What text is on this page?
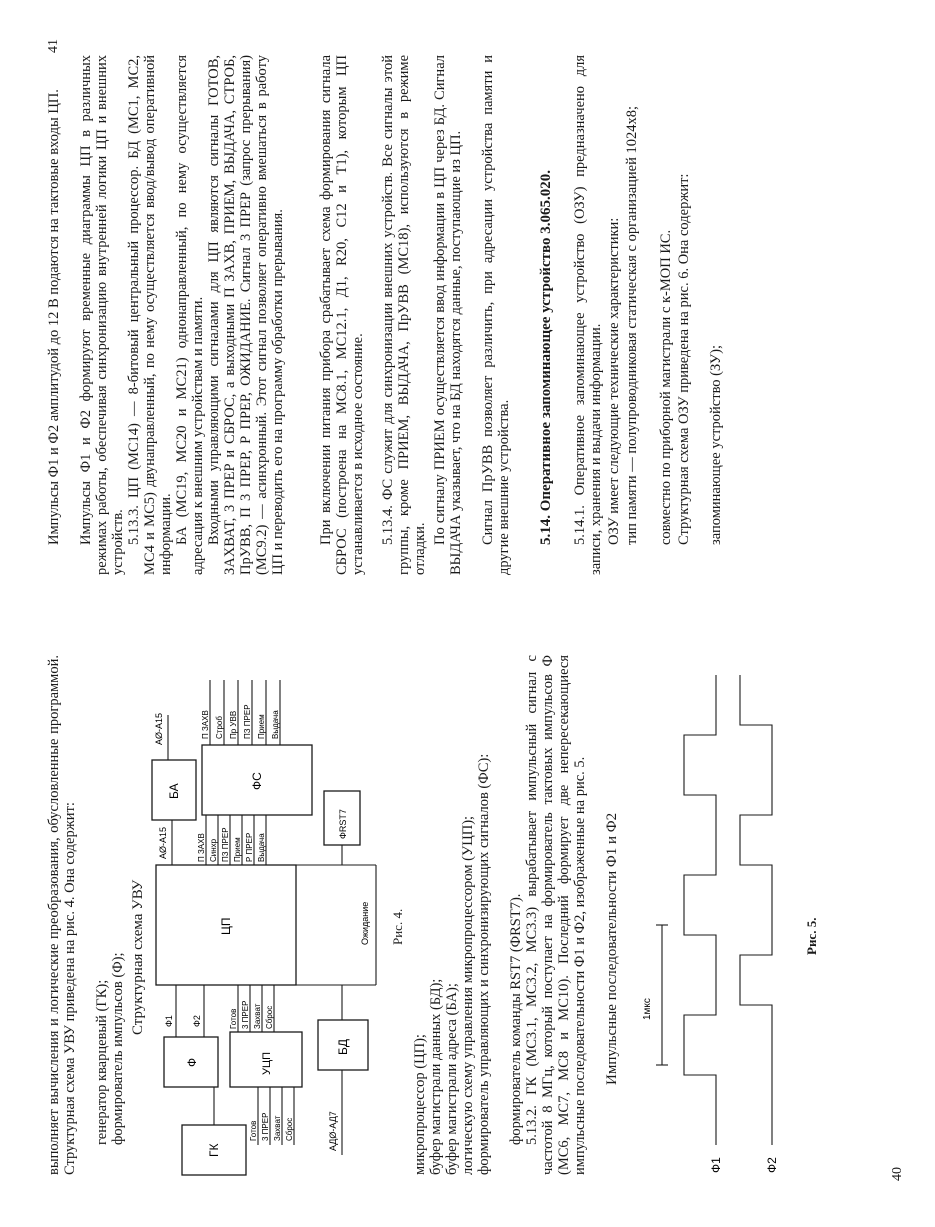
выполняет вычисления и логические преобразования, обусловленные программой. Структурная схема УВУ приведена на рис. 4. Она содержит: генератор кварцевый (ГК); формирователь импульсов (Ф); Структурная схема УВУ
ГК
Ф
Ф1 Ф2
ЦП
АØ-А15
БА
АØ-А15
П ЗАХВ Синхр ПЗ ПРЕР Прием Р ПРЕР Выдача
ФС
П ЗАХВ Строб Пр УВВ ПЗ ПРЕР Прием Выдача
ФRST7
УЦП
Готов 3 ПРЕР Захват Сброс
Готов 3 ПРЕР Захват Сброс
БД
АДØ-АД7
Ожидание Рис. 4.

микропроцессор (ЦП); буфер магистрали данных (БД); буфер магистрали адреса (БА); логическую схему управления микропроцессором (УЦП); формирователь управляющих и синхронизирующих сигналов (ФС): формирователь команды RST7 (ФRST7). 5.13.2. ГК (МС3.1, МС3.2, МС3.3) вырабатывает импульсный сигнал с частотой 8 МГц, который поступает на формирователь тактовых импульсов Ф (МС6, МС7, МС8 и МС10). Последний формирует две непересекающиеся импульсные последовательности Ф1 и Ф2, изображенные на рис. 5. Импульсные последовательности Ф1 и Ф2 1мкс
Ф1	Ф2
Рис. 5.
40

Импульсы Ф1 и Ф2 амплитудой до 12 В подаются на тактовые входы ЦП. Импульсы Ф1 и Ф2 формируют временные диаграммы ЦП в различных режимах работы, обеспечивая синхронизацию внутренней логики ЦП и внешних устройств. 5.13.3. ЦП (МС14) — 8-битовый центральный процессор. БД (МС1, МС2, МС4 и МС5) двунаправленный, по нему осуществляется ввод/вывод оперативной информации. БА (МС19, МС20 и МС21) однонаправленный, по нему осуществляется адресация к внешним устройствам и памяти. Входными управляющими сигналами для ЦП являются сигналы ГОТОВ, ЗАХВАТ, 3 ПРЕР и СБРОС, а выходными П ЗАХВ, ПРИЕМ, ВЫДАЧА, СТРОБ, ПрУВВ, П 3 ПРЕР, Р ПРЕР, ОЖИДАНИЕ. Сигнал 3 ПРЕР (запрос прерывания) (МС9.2) — асинхронный. Этот сигнал позволяет оперативно вмешаться в работу ЦП и переводить его на программу обработки прерывания. При включении питания прибора срабатывает схема формирования сигнала СБРОС (построена на МС8.1, МС12.1, Д1, R20, С12 и Т1), которым ЦП устанавливается в исходное состояние. 5.13.4. ФС служит для синхронизации внешних устройств. Все сигналы этой группы, кроме ПРИЕМ, ВЫДАЧА, ПрУВВ (МС18), используются в режиме отладки.

По сигналу ПРИЕМ осуществляется ввод информации в ЦП через БД. Сигнал ВЫДАЧА указывает, что на БД находятся данные, поступающие из ЦП. Сигнал ПрУВВ позволяет различить, при адресации устройства памяти и другие внешние устройства. 5.14. Оперативное запоминающее устройство 3.065.020. 5.14.1. Оперативное запоминающее устройство (ОЗУ) предназначено для записи, хранения и выдачи информации. ОЗУ имеет следующие технические характеристики: тип памяти — полупроводниковая статическая с организацией 1024x8; совместно по приборной магистрали с к-МОП ИС. Структурная схема ОЗУ приведена на рис. 6. Она содержит: запоминающее устройство (ЗУ);

41
